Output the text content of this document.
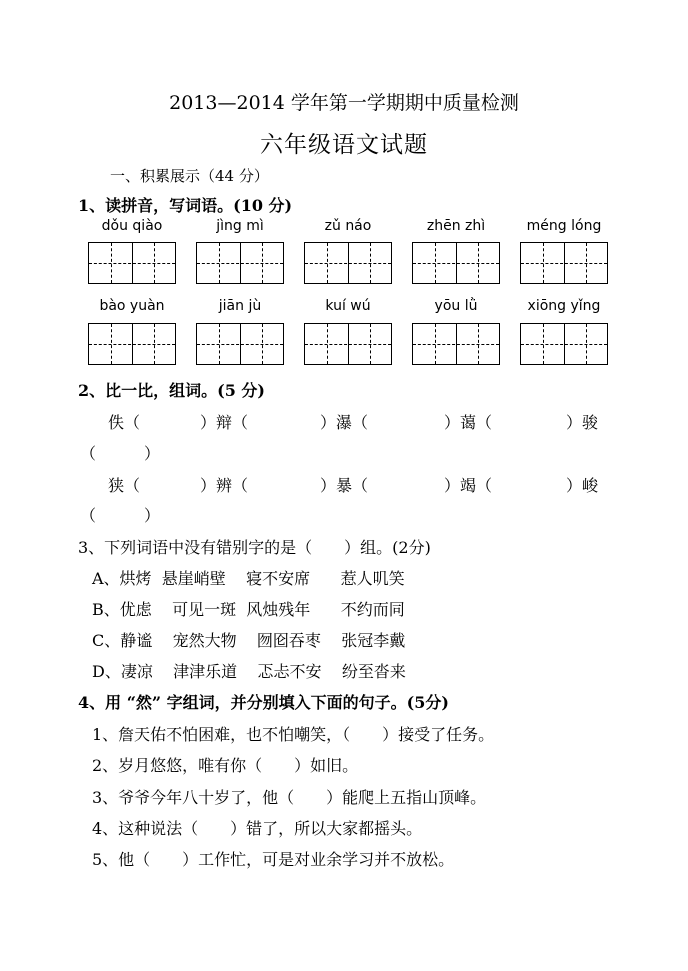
2013—2014 学年第一学期期中质量检测
六年级语文试题
一、积累展示（44 分）
1、读拼音，写词语。(10 分)
dǒu qiào	jìng mì	zǔ náo	zhēn zhì	méng lóng
bào yuàn	jiān jù	kuí wú	yōu lǜ	xiōng yǐng
2、比一比，组词。(5 分)
佚（	）辩（	）瀑（	）蔼（	）骏
（　　　）
狭（	）辨（	）暴（	）竭（	）峻
（　　　）
3、下列词语中没有错别字的是（　　）组。(2分)
A、烘烤  悬崖峭壁    寝不安席      惹人叽笑
B、优虑    可见一斑  风烛残年      不约而同
C、静谧    宠然大物    囫囵吞枣    张冠李戴
D、凄凉    津津乐道    忑忐不安    纷至沓来
4、用 “然” 字组词，并分别填入下面的句子。(5分)
1、詹天佑不怕困难，也不怕嘲笑，（　　）接受了任务。
2、岁月悠悠，唯有你（　　）如旧。
3、爷爷今年八十岁了，他（　　）能爬上五指山顶峰。
4、这种说法（　　）错了，所以大家都摇头。
5、他（　　）工作忙，可是对业余学习并不放松。
